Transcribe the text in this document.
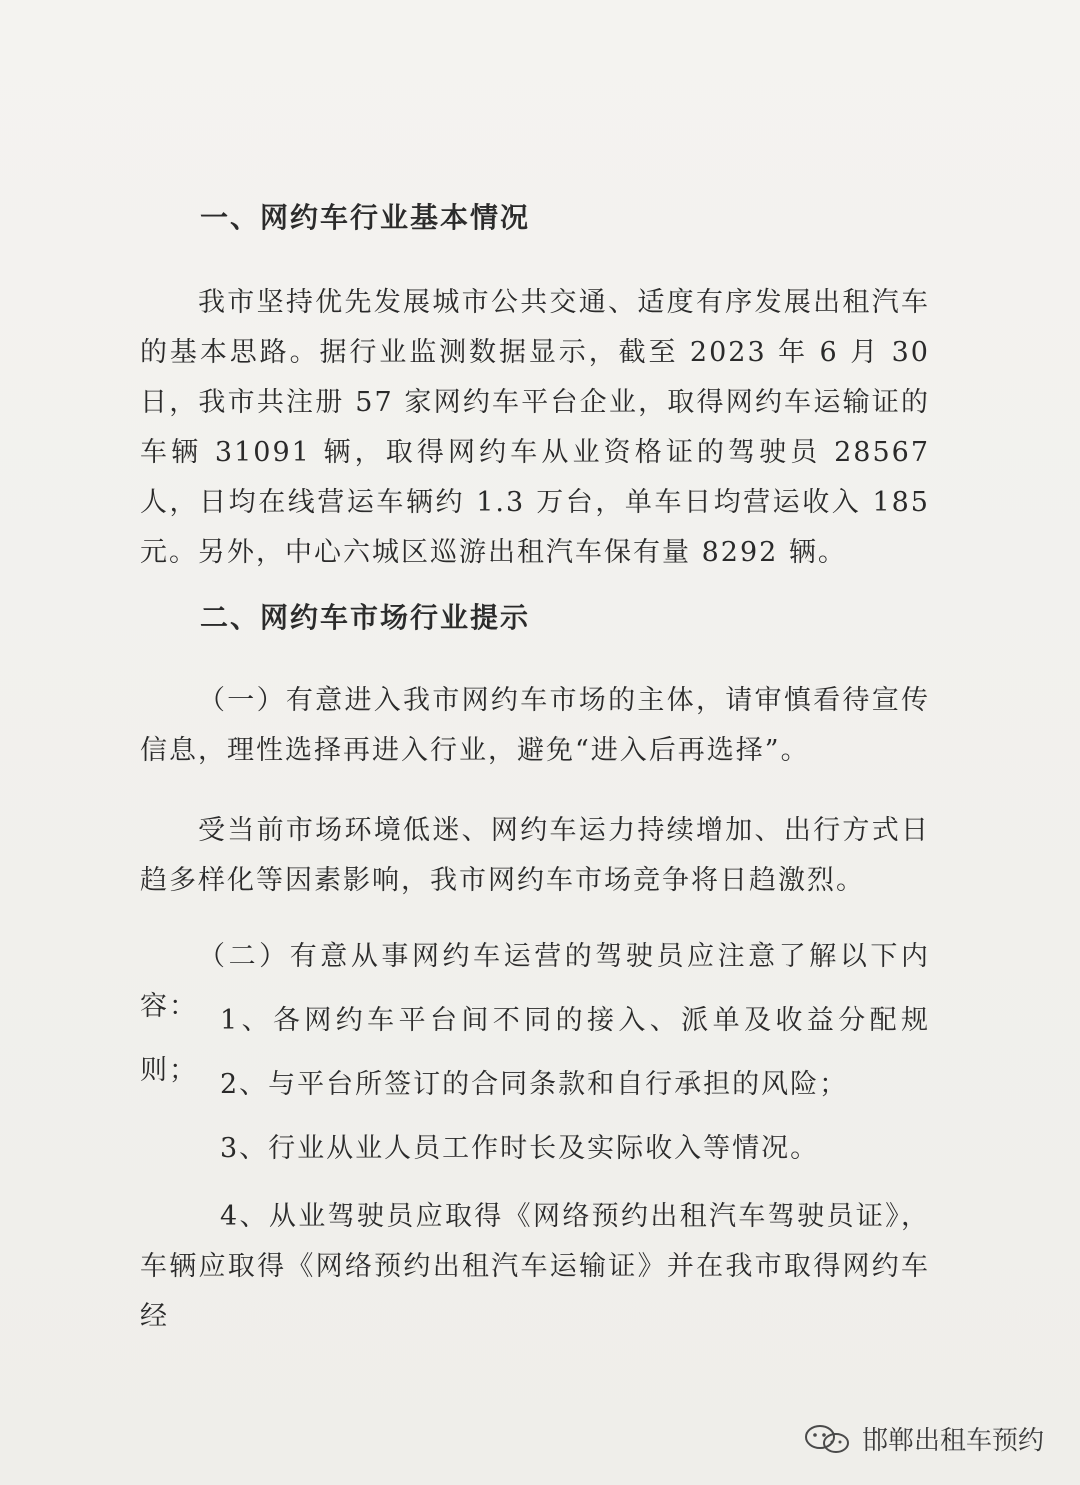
一、网约车行业基本情况
我市坚持优先发展城市公共交通、适度有序发展出租汽车的基本思路。据行业监测数据显示，截至 2023 年 6 月 30 日，我市共注册 57 家网约车平台企业，取得网约车运输证的车辆 31091 辆，取得网约车从业资格证的驾驶员 28567 人，日均在线营运车辆约 1.3 万台，单车日均营运收入 185 元。另外，中心六城区巡游出租汽车保有量 8292 辆。
二、网约车市场行业提示
（一）有意进入我市网约车市场的主体，请审慎看待宣传信息，理性选择再进入行业，避免“进入后再选择”。
受当前市场环境低迷、网约车运力持续增加、出行方式日趋多样化等因素影响，我市网约车市场竞争将日趋激烈。
（二）有意从事网约车运营的驾驶员应注意了解以下内容： 1、各网约车平台间不同的接入、派单及收益分配规则； 2、与平台所签订的合同条款和自行承担的风险；
3、行业从业人员工作时长及实际收入等情况。
4、从业驾驶员应取得《网络预约出租汽车驾驶员证》，车辆应取得《网络预约出租汽车运输证》并在我市取得网约车经
邯郸出租车预约
